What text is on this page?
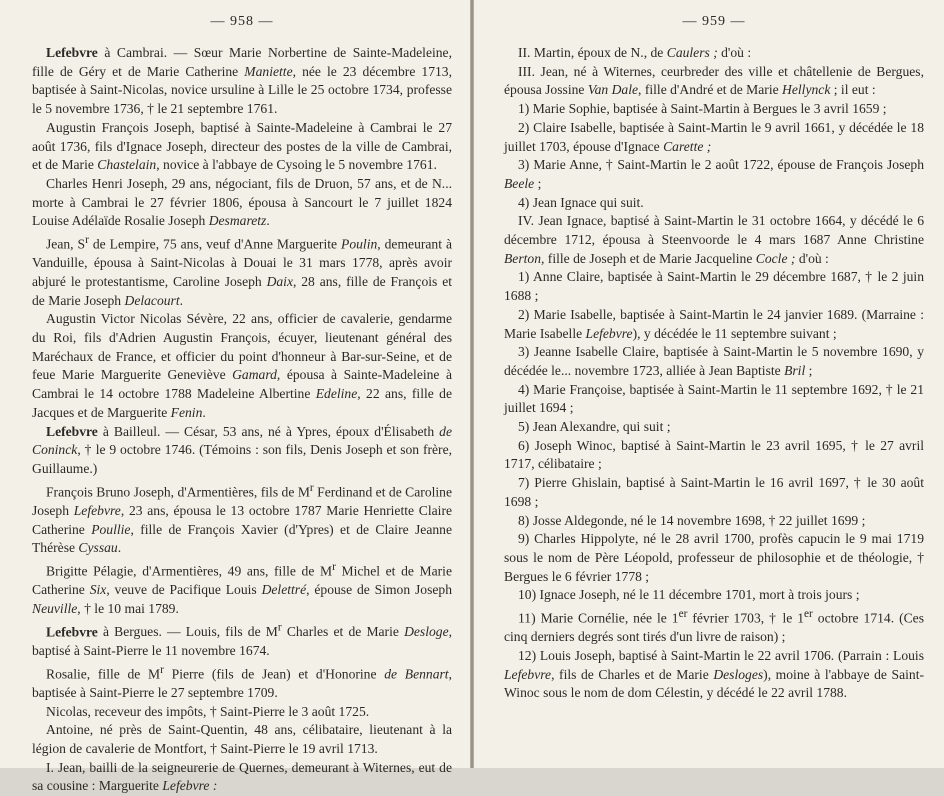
— 958 —

Lefebvre à Cambrai. — Sœur Marie Norbertine de Sainte-Madeleine, fille de Géry et de Marie Catherine Maniette, née le 23 décembre 1713, baptisée à Saint-Nicolas, novice ursuline à Lille le 25 octobre 1734, professe le 5 novembre 1736, † le 21 septembre 1761.

Augustin François Joseph, baptisé à Sainte-Madeleine à Cambrai le 27 août 1736, fils d'Ignace Joseph, directeur des postes de la ville de Cambrai, et de Marie Chastelain, novice à l'abbaye de Cysoing le 5 novembre 1761.

Charles Henri Joseph, 29 ans, négociant, fils de Druon, 57 ans, et de N... morte à Cambrai le 27 février 1806, épousa à Sancourt le 7 juillet 1824 Louise Adélaïde Rosalie Joseph Desmaretz.

Jean, $S^r$ de Lempire, 75 ans, veuf d'Anne Marguerite Poulin, demeurant à Vanduille, épousa à Saint-Nicolas à Douai le 31 mars 1778, après avoir abjuré le protestantisme, Caroline Joseph Daix, 28 ans, fille de François et de Marie Joseph Delacourt.

Augustin Victor Nicolas Sévère, 22 ans, officier de cavalerie, gendarme du Roi, fils d'Adrien Augustin François, écuyer, lieutenant général des Maréchaux de France, et officier du point d'honneur à Bar-sur-Seine, et de feue Marie Marguerite Geneviève Gamard, épousa à Sainte-Madeleine à Cambrai le 14 octobre 1788 Madeleine Albertine Edeline, 22 ans, fille de Jacques et de Marguerite Fenin.

Lefebvre à Bailleul. — César, 53 ans, né à Ypres, époux d'Élisabeth de Coninck, † le 9 octobre 1746. (Témoins : son fils, Denis Joseph et son frère, Guillaume.)

François Bruno Joseph, d'Armentières, fils de $M^r$ Ferdinand et de Caroline Joseph Lefebvre, 23 ans, épousa le 13 octobre 1787 Marie Henriette Claire Catherine Poullie, fille de François Xavier (d'Ypres) et de Claire Jeanne Thérèse Cyssau.

Brigitte Pélagie, d'Armentières, 49 ans, fille de $M^r$ Michel et de Marie Catherine Six, veuve de Pacifique Louis Delettré, épouse de Simon Joseph Neuville, † le 10 mai 1789.

Lefebvre à Bergues. — Louis, fils de $M^r$ Charles et de Marie Desloge, baptisé à Saint-Pierre le 11 novembre 1674.

Rosalie, fille de $M^r$ Pierre (fils de Jean) et d'Honorine de Bennart, baptisée à Saint-Pierre le 27 septembre 1709.

Nicolas, receveur des impôts, † Saint-Pierre le 3 août 1725.

Antoine, né près de Saint-Quentin, 48 ans, célibataire, lieutenant à la légion de cavalerie de Montfort, † Saint-Pierre le 19 avril 1713.

I. Jean, bailli de la seigneurerie de Quernes, demeurant à Witernes, eut de sa cousine : Marguerite Lefebvre :

— 959 —

II. Martin, époux de N., de Caulers ; d'où :

III. Jean, né à Witernes, ceurbreder des ville et châtellenie de Bergues, épousa Jossine Van Dale, fille d'André et de Marie Hellynck ; il eut :

1) Marie Sophie, baptisée à Saint-Martin à Bergues le 3 avril 1659 ;

2) Claire Isabelle, baptisée à Saint-Martin le 9 avril 1661, y décédée le 18 juillet 1703, épouse d'Ignace Carette ;

3) Marie Anne, † Saint-Martin le 2 août 1722, épouse de François Joseph Beele ;

4) Jean Ignace qui suit.

IV. Jean Ignace, baptisé à Saint-Martin le 31 octobre 1664, y décédé le 6 décembre 1712, épousa à Steenvoorde le 4 mars 1687 Anne Christine Berton, fille de Joseph et de Marie Jacqueline Cocle ; d'où :

1) Anne Claire, baptisée à Saint-Martin le 29 décembre 1687, † le 2 juin 1688 ;

2) Marie Isabelle, baptisée à Saint-Martin le 24 janvier 1689. (Marraine : Marie Isabelle Lefebvre), y décédée le 11 septembre suivant ;

3) Jeanne Isabelle Claire, baptisée à Saint-Martin le 5 novembre 1690, y décédée le... novembre 1723, alliée à Jean Baptiste Bril ;

4) Marie Françoise, baptisée à Saint-Martin le 11 septembre 1692, † le 21 juillet 1694 ;

5) Jean Alexandre, qui suit ;

6) Joseph Winoc, baptisé à Saint-Martin le 23 avril 1695, † le 27 avril 1717, célibataire ;

7) Pierre Ghislain, baptisé à Saint-Martin le 16 avril 1697, † le 30 août 1698 ;

8) Josse Aldegonde, né le 14 novembre 1698, † 22 juillet 1699 ;

9) Charles Hippolyte, né le 28 avril 1700, profès capucin le 9 mai 1719 sous le nom de Père Léopold, professeur de philosophie et de théologie, † Bergues le 6 février 1778 ;

10) Ignace Joseph, né le 11 décembre 1701, mort à trois jours ;

11) Marie Cornélie, née le 1er février 1703, † le 1er octobre 1714. (Ces cinq derniers degrés sont tirés d'un livre de raison) ;

12) Louis Joseph, baptisé à Saint-Martin le 22 avril 1706. (Parrain : Louis Lefebvre, fils de Charles et de Marie Desloges), moine à l'abbaye de Saint-Winoc sous le nom de dom Célestin, y décédé le 22 avril 1788.
